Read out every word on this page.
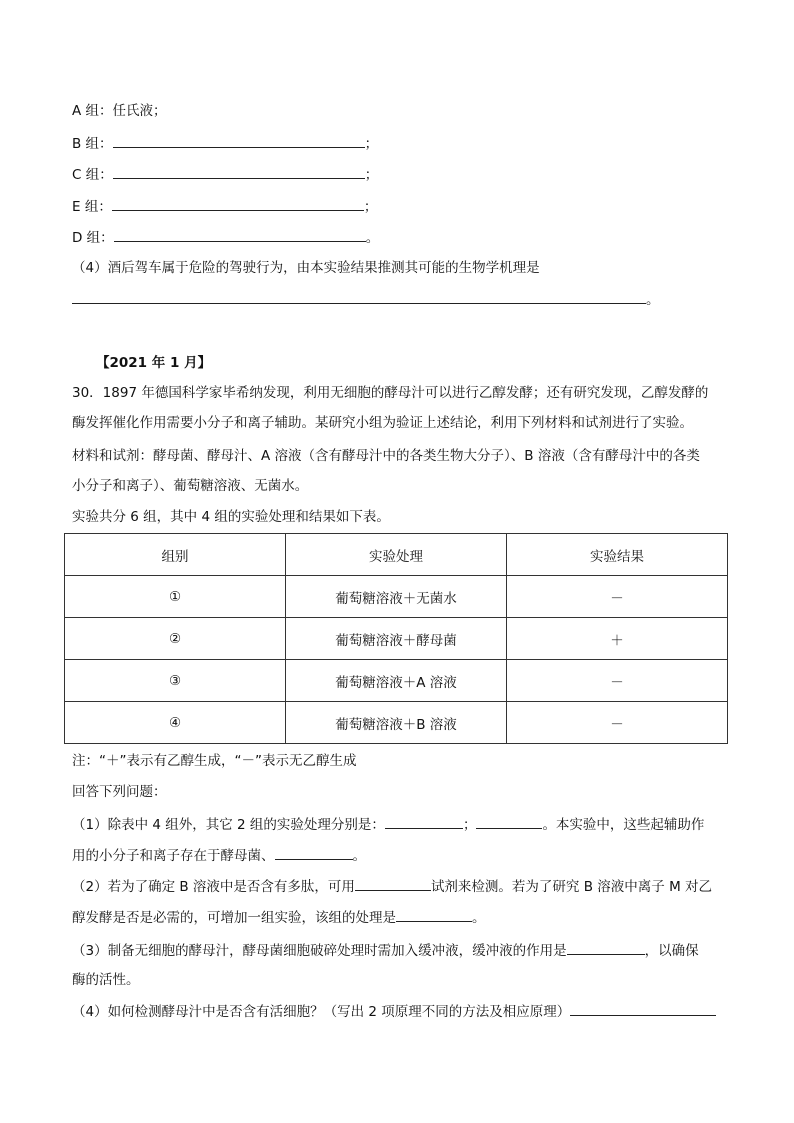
A 组：任氏液；
B 组：	；
C 组：	；
E 组：	；
D 组：	。
（4）酒后驾车属于危险的驾驶行为，由本实验结果推测其可能的生物学机理是
。
【2021 年 1 月】
30．1897 年德国科学家毕希纳发现，利用无细胞的酵母汁可以进行乙醇发酵；还有研究发现，乙醇发酵的
酶发挥催化作用需要小分子和离子辅助。某研究小组为验证上述结论，利用下列材料和试剂进行了实验。
材料和试剂：酵母菌、酵母汁、A 溶液（含有酵母汁中的各类生物大分子）、B 溶液（含有酵母汁中的各类
小分子和离子）、葡萄糖溶液、无菌水。
实验共分 6 组，其中 4 组的实验处理和结果如下表。
组别	实验处理	实验结果
①	葡萄糖溶液＋无菌水	－
②	葡萄糖溶液＋酵母菌	＋
③	葡萄糖溶液＋A 溶液	－
④	葡萄糖溶液＋B 溶液	－
注：“＋”表示有乙醇生成，“－”表示无乙醇生成
回答下列问题：
（1）除表中 4 组外，其它 2 组的实验处理分别是：	；	。本实验中，这些起辅助作
用的小分子和离子存在于酵母菌、	。
（2）若为了确定 B 溶液中是否含有多肽，可用	试剂来检测。若为了研究 B 溶液中离子 M 对乙
醇发酵是否是必需的，可增加一组实验，该组的处理是	。
（3）制备无细胞的酵母汁，酵母菌细胞破碎处理时需加入缓冲液，缓冲液的作用是	，以确保
酶的活性。
（4）如何检测酵母汁中是否含有活细胞？（写出 2 项原理不同的方法及相应原理）
